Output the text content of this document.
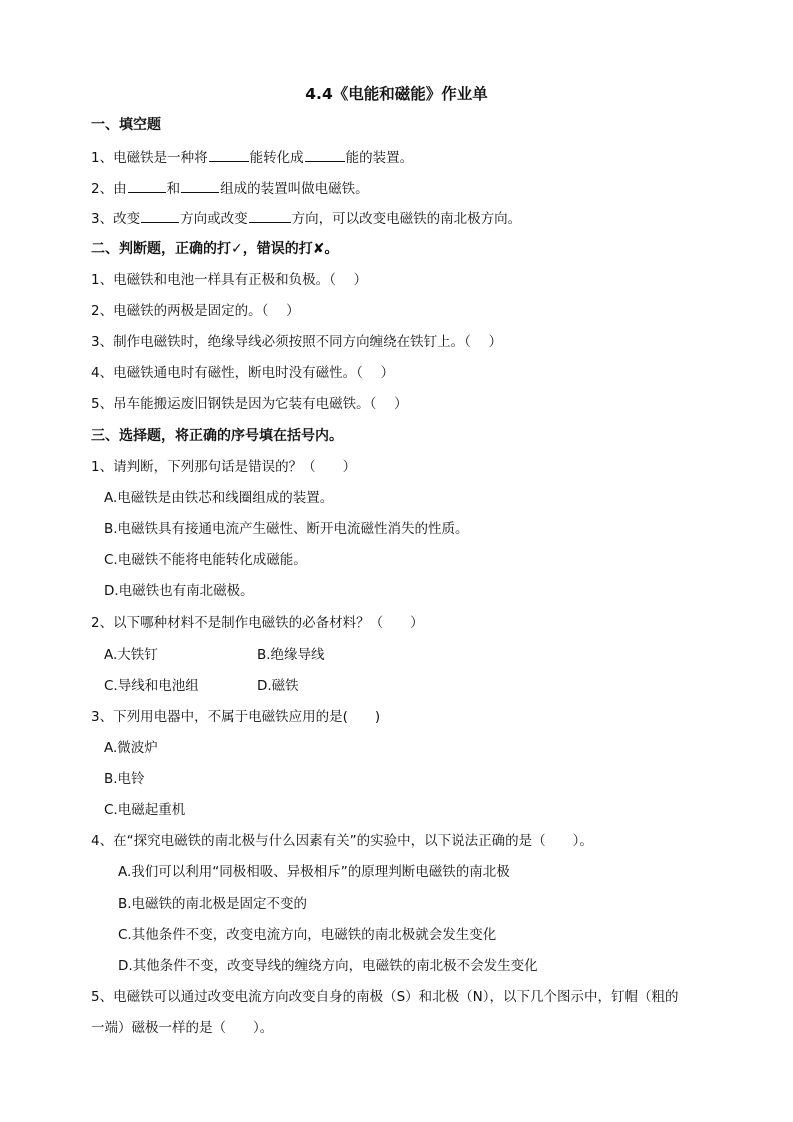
4.4《电能和磁能》作业单
一、填空题
1、电磁铁是一种将	能转化成	能的装置。
2、由	和	组成的装置叫做电磁铁。
3、改变	方向或改变	方向，可以改变电磁铁的南北极方向。
二、判断题，正确的打✓，错误的打✘。
1、电磁铁和电池一样具有正极和负极。（　 ）
2、电磁铁的两极是固定的。（　 ）
3、制作电磁铁时，绝缘导线必须按照不同方向缠绕在铁钉上。（　 ）
4、电磁铁通电时有磁性，断电时没有磁性。（　 ）
5、吊车能搬运废旧钢铁是因为它装有电磁铁。（　 ）
三、选择题，将正确的序号填在括号内。
1、请判断，下列那句话是错误的？（　　）
A.电磁铁是由铁芯和线圈组成的装置。
B.电磁铁具有接通电流产生磁性、断开电流磁性消失的性质。
C.电磁铁不能将电能转化成磁能。
D.电磁铁也有南北磁极。
2、以下哪种材料不是制作电磁铁的必备材料？（　　）
A.大铁钉	B.绝缘导线
C.导线和电池组	D.磁铁
3、下列用电器中，不属于电磁铁应用的是(　　)
A.微波炉
B.电铃
C.电磁起重机
4、在“探究电磁铁的南北极与什么因素有关”的实验中，以下说法正确的是（　　）。
A.我们可以利用“同极相吸、异极相斥”的原理判断电磁铁的南北极
B.电磁铁的南北极是固定不变的
C.其他条件不变，改变电流方向，电磁铁的南北极就会发生变化
D.其他条件不变，改变导线的缠绕方向，电磁铁的南北极不会发生变化
5、电磁铁可以通过改变电流方向改变自身的南极（S）和北极（N），以下几个图示中，钉帽（粗的
一端）磁极一样的是（　　）。
